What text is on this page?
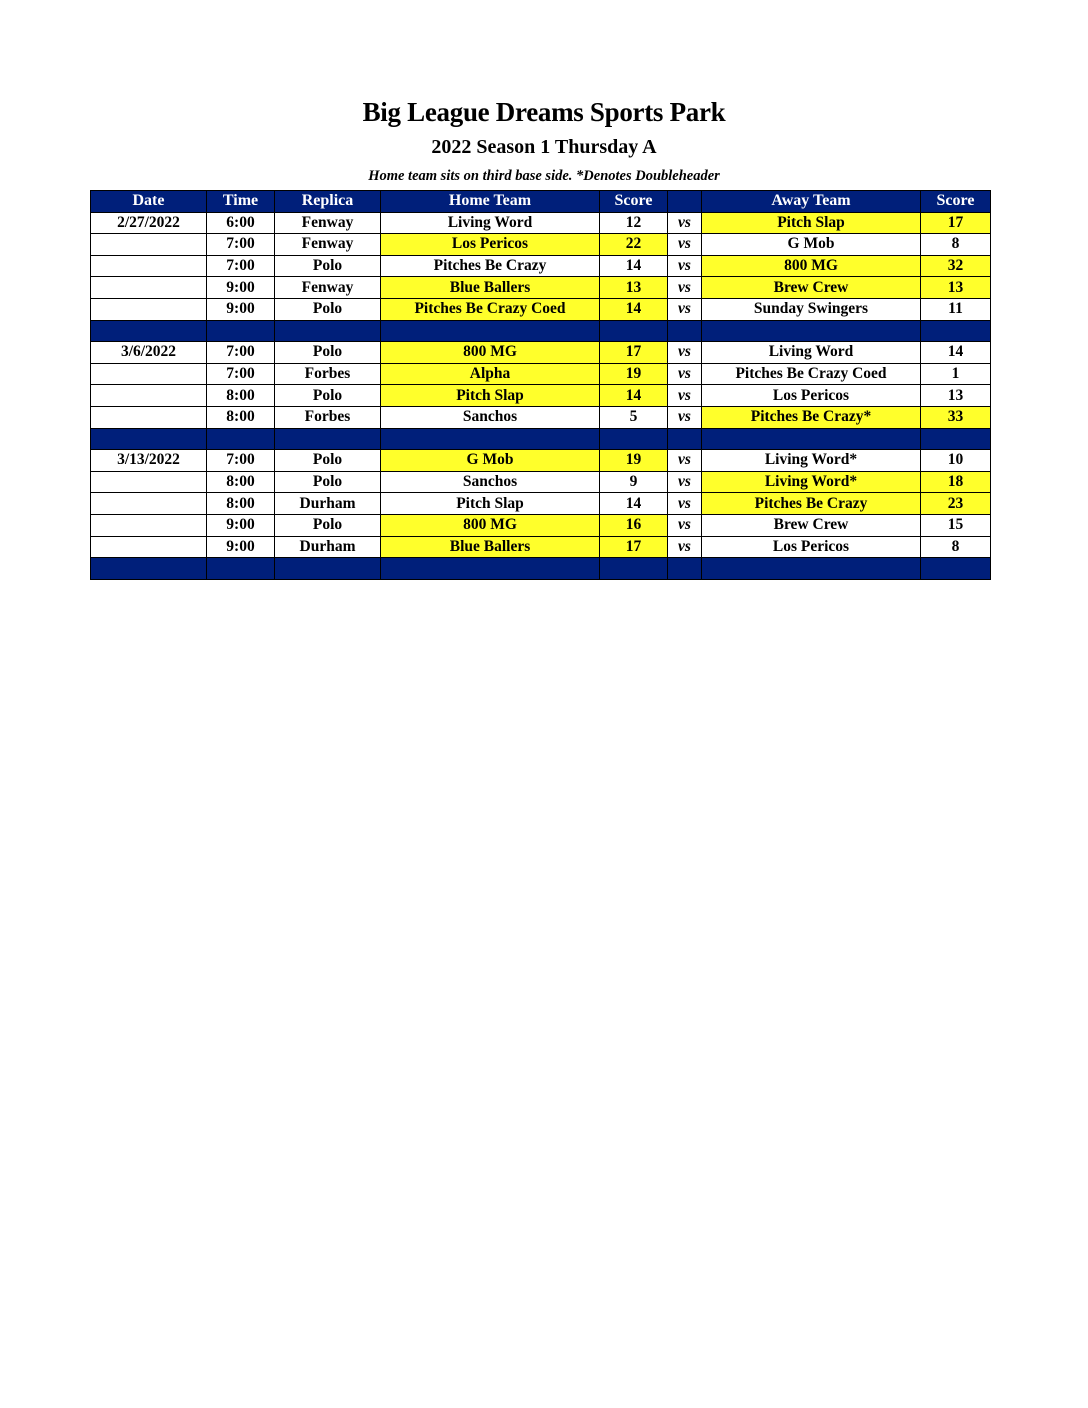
Big League Dreams Sports Park
2022 Season 1 Thursday A
Home team sits on third base side. *Denotes Doubleheader
Date	Time	Replica	Home Team	Score		Away Team	Score
2/27/2022	6:00	Fenway	Living Word	12	vs	Pitch Slap	17
	7:00	Fenway	Los Pericos	22	vs	G Mob	8
	7:00	Polo	Pitches Be Crazy	14	vs	800 MG	32
	9:00	Fenway	Blue Ballers	13	vs	Brew Crew	13
	9:00	Polo	Pitches Be Crazy Coed	14	vs	Sunday Swingers	11

3/6/2022	7:00	Polo	800 MG	17	vs	Living Word	14
	7:00	Forbes	Alpha	19	vs	Pitches Be Crazy Coed	1
	8:00	Polo	Pitch Slap	14	vs	Los Pericos	13
	8:00	Forbes	Sanchos	5	vs	Pitches Be Crazy*	33

3/13/2022	7:00	Polo	G Mob	19	vs	Living Word*	10
	8:00	Polo	Sanchos	9	vs	Living Word*	18
	8:00	Durham	Pitch Slap	14	vs	Pitches Be Crazy	23
	9:00	Polo	800 MG	16	vs	Brew Crew	15
	9:00	Durham	Blue Ballers	17	vs	Los Pericos	8
